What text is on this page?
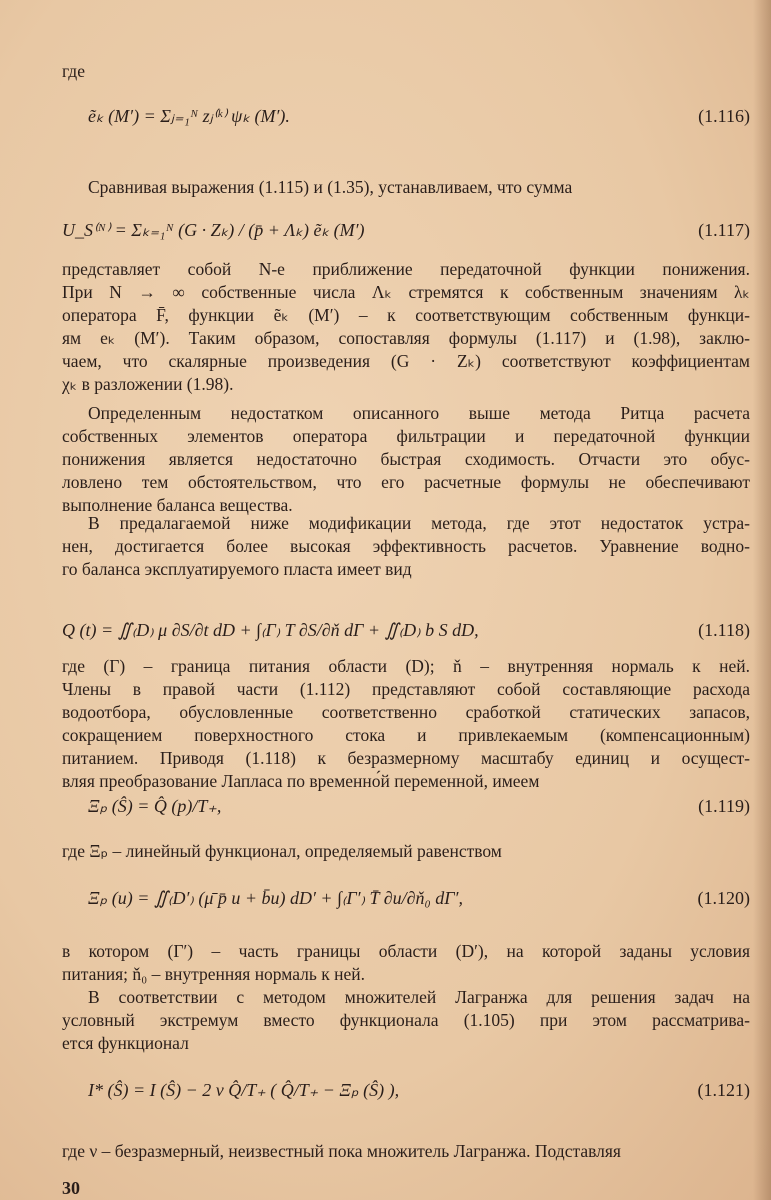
где
ẽₖ (M′) = Σⱼ₌₁ᴺ zⱼ⁽ᵏ⁾ ψₖ (M′).	(1.116)
Сравнивая выражения (1.115) и (1.35), устанавливаем, что сумма
U_S⁽ᴺ⁾ = Σₖ₌₁ᴺ (G · Zₖ) / (p̄ + Λₖ) ẽₖ (M′)	(1.117)
представляет собой N-е приближение передаточной функции понижения.
При N → ∞ собственные числа Λₖ стремятся к собственным значениям λₖ
оператора F̄, функции ẽₖ (M′) – к соответствующим собственным функци-
ям eₖ (M′). Таким образом, сопоставляя формулы (1.117) и (1.98), заклю-
чаем, что скалярные произведения (G · Zₖ) соответствуют коэффициентам
χₖ в разложении (1.98).
Определенным недостатком описанного выше метода Ритца расчета
собственных элементов оператора фильтрации и передаточной функции
понижения является недостаточно быстрая сходимость. Отчасти это обус-
ловлено тем обстоятельством, что его расчетные формулы не обеспечивают
выполнение баланса вещества.
В предалагаемой ниже модификации метода, где этот недостаток устра-
нен, достигается более высокая эффективность расчетов. Уравнение водно-
го баланса эксплуатируемого пласта имеет вид
где (Γ) – граница питания области (D); ň – внутренняя нормаль к ней.
Члены в правой части (1.112) представляют собой составляющие расхода
водоотбора, обусловленные соответственно сработкой статических запасов,
сокращением поверхностного стока и привлекаемым (компенсационным)
питанием. Приводя (1.118) к безразмерному масштабу единиц и осущест-
вляя преобразование Лапласа по временно́й переменной, имеем
где Ξₚ – линейный функционал, определяемый равенством
в котором (Γ′) – часть границы области (D′), на которой заданы условия
питания; ň₀ – внутренняя нормаль к ней.
В соответствии с методом множителей Лагранжа для решения задач на
условный экстремум вместо функционала (1.105) при этом рассматрива-
ется функционал
где ν – безразмерный, неизвестный пока множитель Лагранжа. Подставляя
Q (t) = ∬₍D₎ μ ∂S/∂t dD + ∫₍Γ₎ T ∂S/∂ň dΓ + ∬₍D₎ b S dD,	(1.118)
Ξₚ (Ŝ) = Q̂ (p)/T₊,	(1.119)
Ξₚ (u) = ∬₍D′₎ (μ̄ p̄ u + b̄u) dD′ + ∫₍Γ′₎ T̄ ∂u/∂ň₀ dΓ′,	(1.120)
I* (Ŝ) = I (Ŝ) − 2 ν Q̂/T₊ ( Q̂/T₊ − Ξₚ (Ŝ) ),	(1.121)
30
